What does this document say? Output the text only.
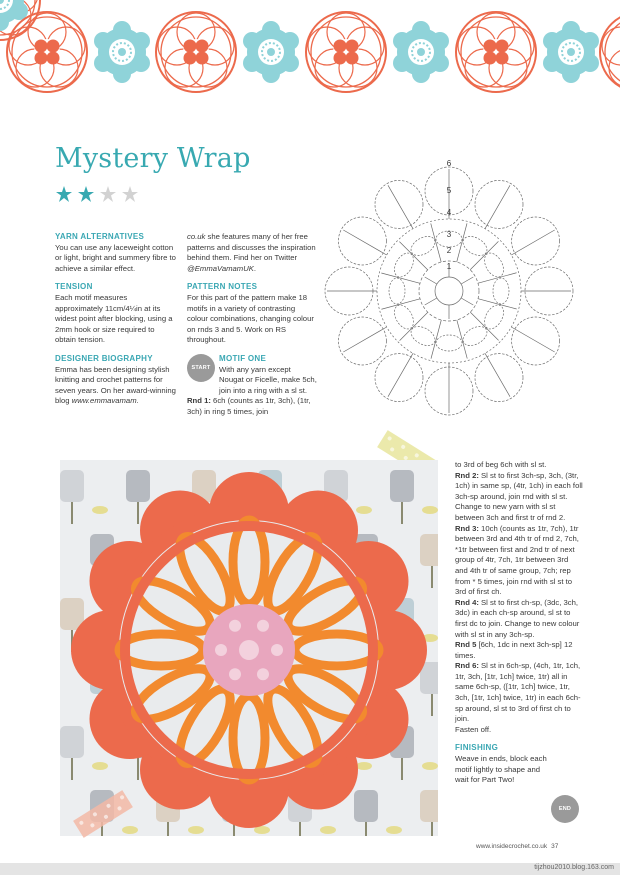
Mystery Wrap

YARN ALTERNATIVES

You can use any laceweight cotton or light, bright and summery fibre to achieve a similar effect.

TENSION

Each motif measures approximately 11cm/4¼in at its widest point after blocking, using a 2mm hook or size required to obtain tension.

DESIGNER BIOGRAPHY

Emma has been designing stylish knitting and crochet patterns for seven years. On her award-winning blog www.emmavamam.

co.uk she features many of her free patterns and discusses the inspiration behind them. Find her on Twitter @EmmaVamamUK.

PATTERN NOTES

For this part of the pattern make 18 motifs in a variety of contrasting colour combinations, changing colour on rnds 3 and 5. Work on RS throughout.

START

MOTIF ONE

With any yarn except Nougat or Ficelle, make 5ch, join into a ring with a sl st.

Rnd 1: 6ch (counts as 1tr, 3ch), (1tr, 3ch) in ring 5 times, join

6
5
4
3
2
1

to 3rd of beg 6ch with sl st.

Rnd 2: Sl st to first 3ch-sp, 3ch, (3tr, 1ch) in same sp, (4tr, 1ch) in each foll 3ch-sp around, join rnd with sl st.

Change to new yarn with sl st between 3ch and first tr of rnd 2.

Rnd 3: 10ch (counts as 1tr, 7ch), 1tr between 3rd and 4th tr of rnd 2, 7ch, *1tr between first and 2nd tr of next group of 4tr, 7ch, 1tr between 3rd and 4th tr of same group, 7ch; rep from * 5 times, join rnd with sl st to 3rd of first ch.

Rnd 4: Sl st to first ch-sp, (3dc, 3ch, 3dc) in each ch-sp around, sl st to first dc to join. Change to new colour with sl st in any 3ch-sp.

Rnd 5 [6ch, 1dc in next 3ch-sp] 12 times.

Rnd 6: Sl st in 6ch-sp, (4ch, 1tr, 1ch, 1tr, 3ch, [1tr, 1ch] twice, 1tr) all in same 6ch-sp, ([1tr, 1ch] twice, 1tr, 3ch, [1tr, 1ch] twice, 1tr) in each 6ch-sp around, sl st to 3rd of first ch to join.

Fasten off.

FINISHING

Weave in ends, block each motif lightly to shape and wait for Part Two!

END
www.insidecrochet.co.uk 37
tijzhou2010.blog.163.com
